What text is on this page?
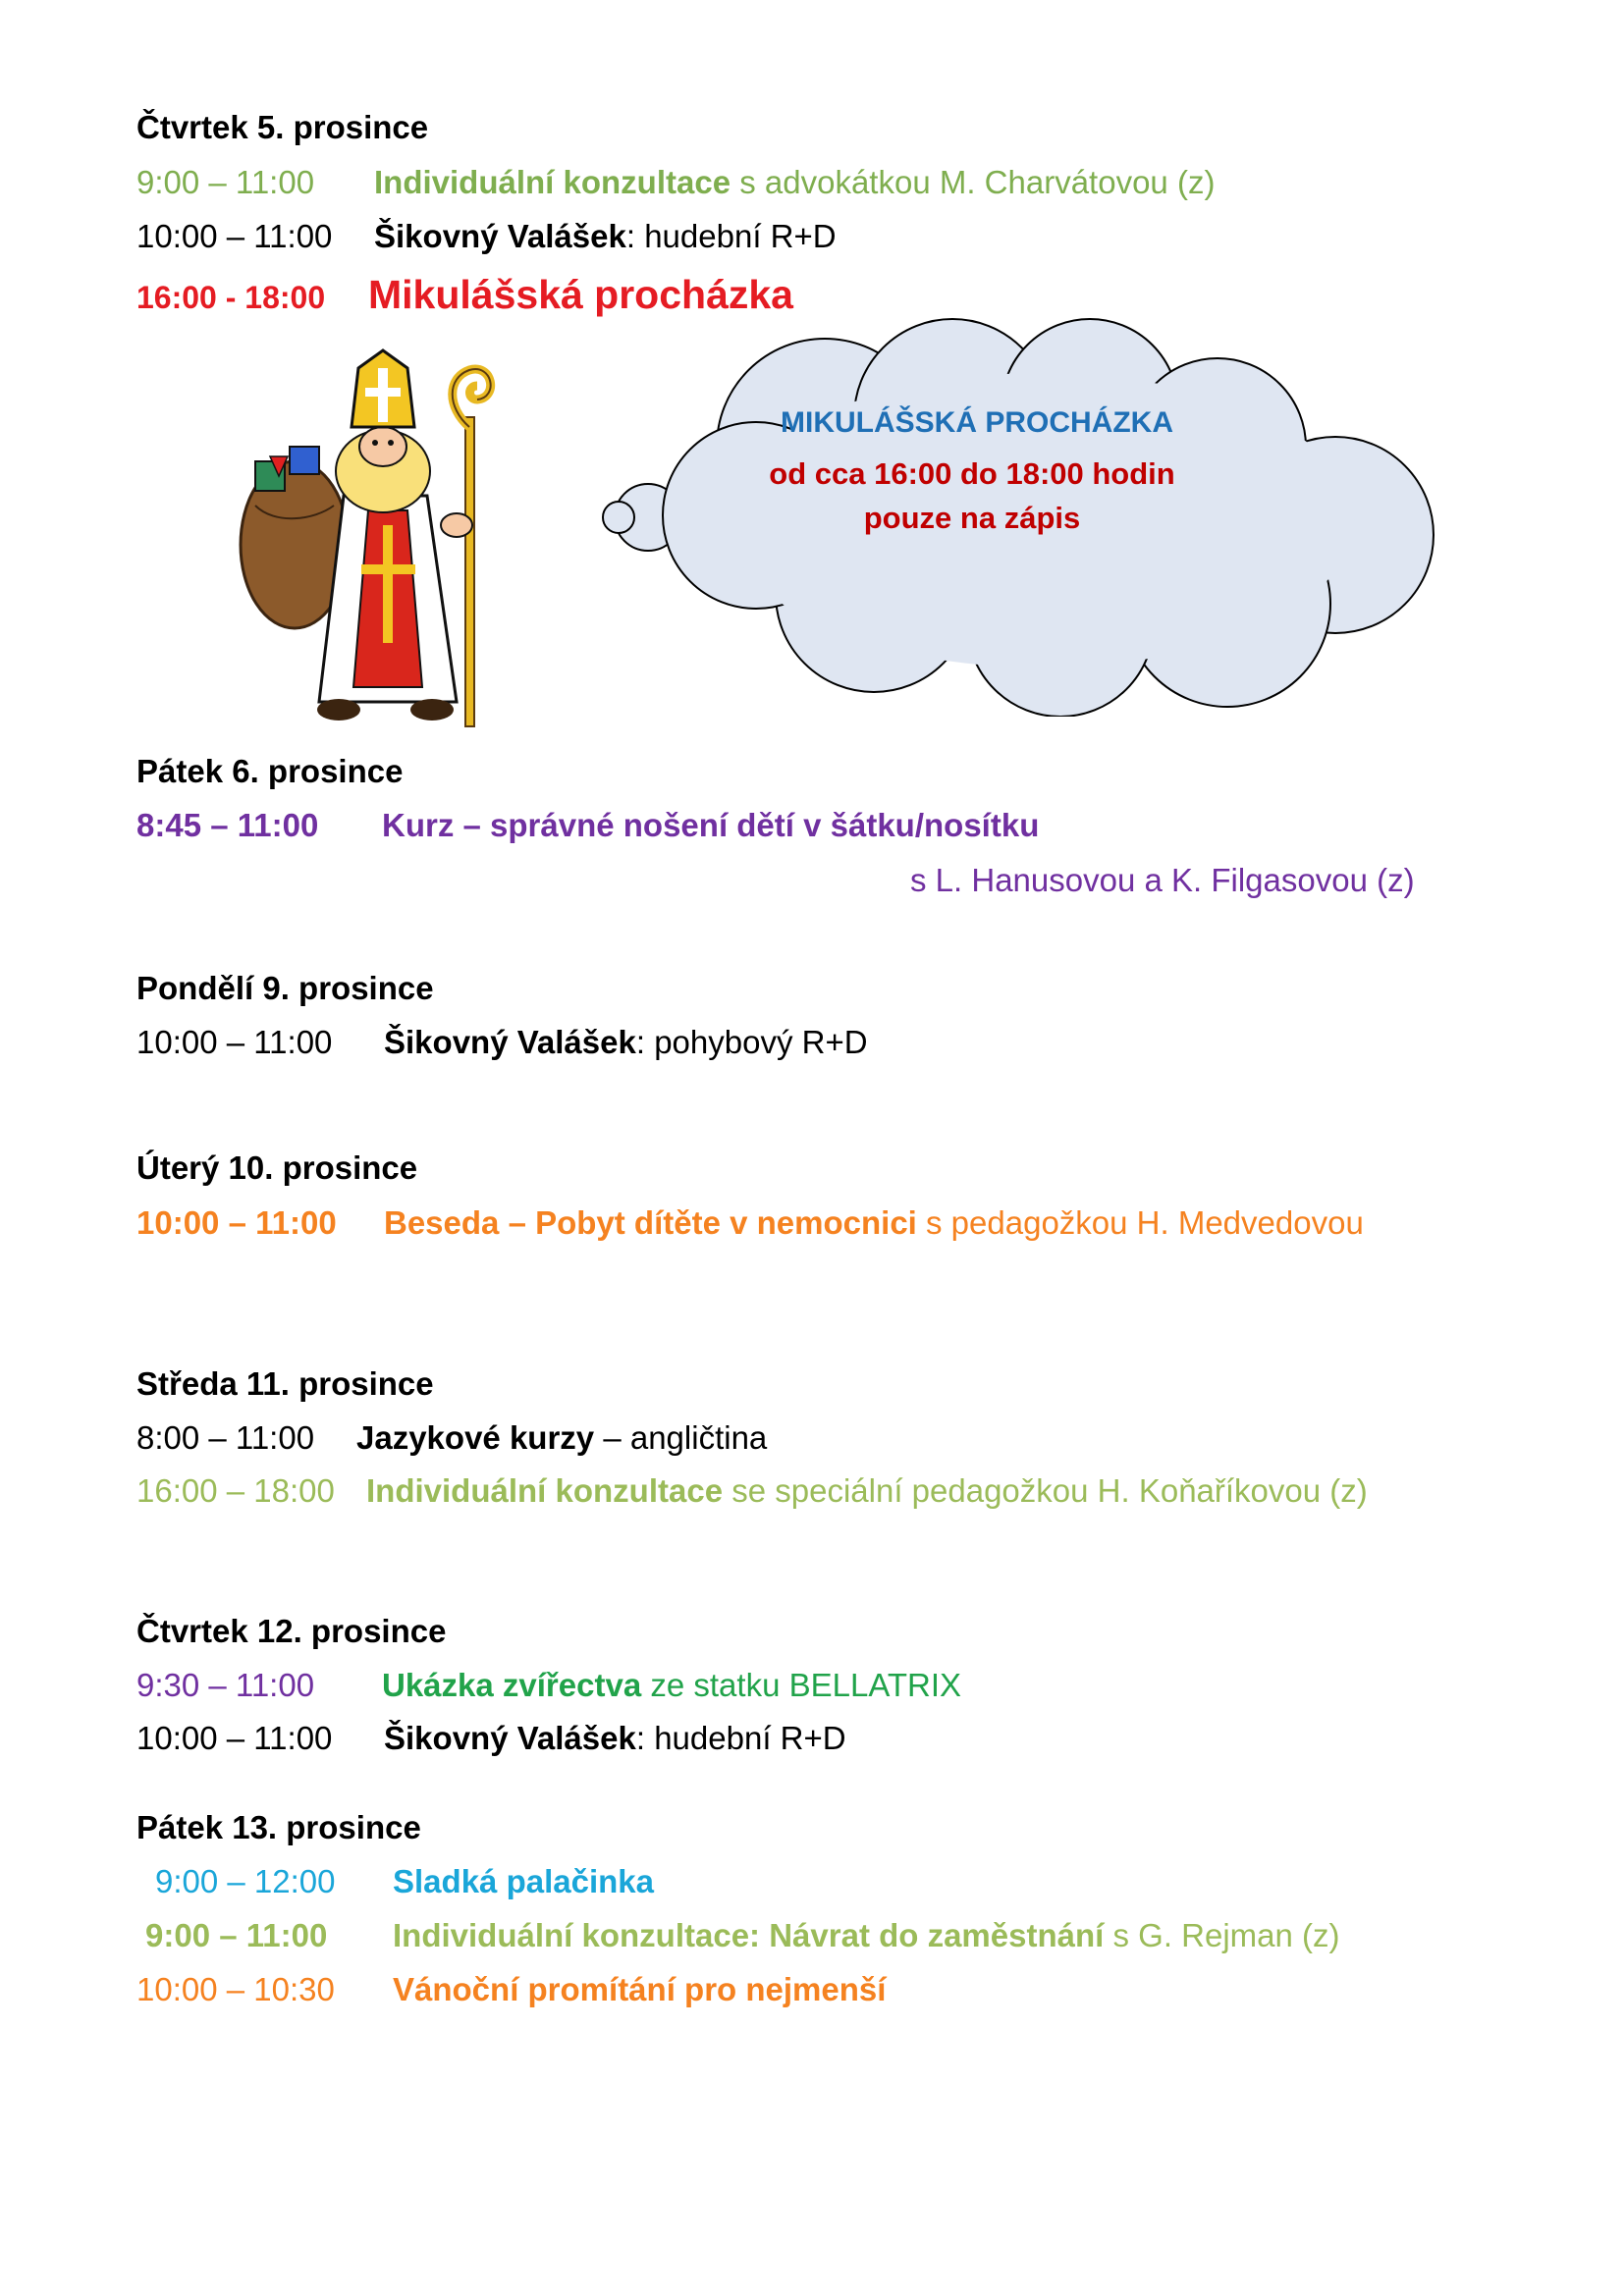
Čtvrtek 5. prosince
9:00 – 11:00 Individuální konzultace s advokátkou M. Charvátovou (z)
10:00 – 11:00 Šikovný Valášek: hudební R+D
16:00 - 18:00 Mikulášská procházka
MIKULÁŠSKÁ PROCHÁZKA
od cca 16:00 do 18:00 hodin
pouze na zápis
Pátek 6. prosince
8:45 – 11:00 Kurz – správné nošení dětí v šátku/nosítku
s L. Hanusovou a K. Filgasovou (z)
Pondělí 9. prosince
10:00 – 11:00 Šikovný Valášek: pohybový R+D
Úterý 10. prosince
10:00 – 11:00 Beseda – Pobyt dítěte v nemocnici s pedagožkou H. Medvedovou
Středa 11. prosince
8:00 – 11:00 Jazykové kurzy – angličtina
16:00 – 18:00 Individuální konzultace se speciální pedagožkou H. Koňaříkovou (z)
Čtvrtek 12. prosince
9:30 – 11:00 Ukázka zvířectva ze statku BELLATRIX
10:00 – 11:00 Šikovný Valášek: hudební R+D
Pátek 13. prosince
9:00 – 12:00 Sladká palačinka
9:00 – 11:00 Individuální konzultace: Návrat do zaměstnání s G. Rejman (z)
10:00 – 10:30 Vánoční promítání pro nejmenší
